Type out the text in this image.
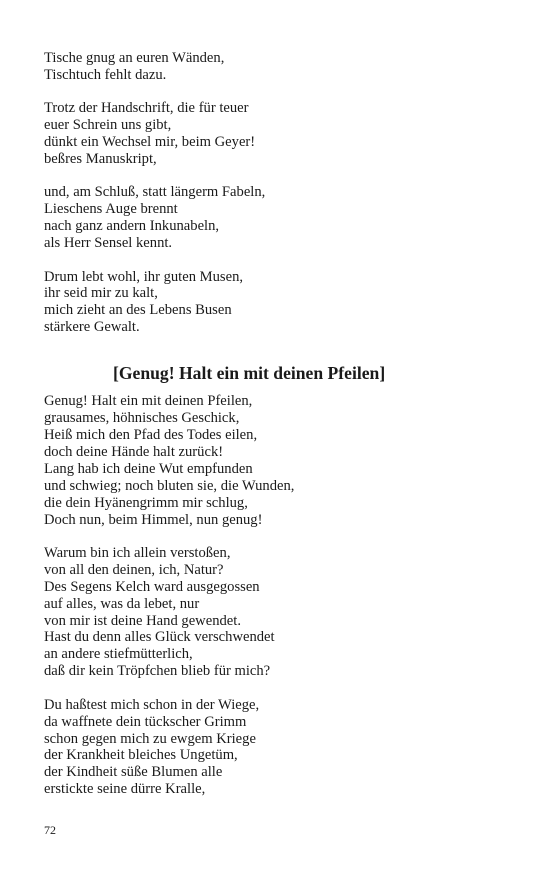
Tische gnug an euren Wänden,
Tischtuch fehlt dazu.
Trotz der Handschrift, die für teuer
euer Schrein uns gibt,
dünkt ein Wechsel mir, beim Geyer!
beßres Manuskript,
und, am Schluß, statt längerm Fabeln,
Lieschens Auge brennt
nach ganz andern Inkunabeln,
als Herr Sensel kennt.
Drum lebt wohl, ihr guten Musen,
ihr seid mir zu kalt,
mich zieht an des Lebens Busen
stärkere Gewalt.
[Genug! Halt ein mit deinen Pfeilen]
Genug! Halt ein mit deinen Pfeilen,
grausames, höhnisches Geschick,
Heiß mich den Pfad des Todes eilen,
doch deine Hände halt zurück!
Lang hab ich deine Wut empfunden
und schwieg; noch bluten sie, die Wunden,
die dein Hyänengrimm mir schlug,
Doch nun, beim Himmel, nun genug!
Warum bin ich allein verstoßen,
von all den deinen, ich, Natur?
Des Segens Kelch ward ausgegossen
auf alles, was da lebet, nur
von mir ist deine Hand gewendet.
Hast du denn alles Glück verschwendet
an andere stiefmütterlich,
daß dir kein Tröpfchen blieb für mich?
Du haßtest mich schon in der Wiege,
da waffnete dein tückscher Grimm
schon gegen mich zu ewgem Kriege
der Krankheit bleiches Ungetüm,
der Kindheit süße Blumen alle
erstickte seine dürre Kralle,
72
